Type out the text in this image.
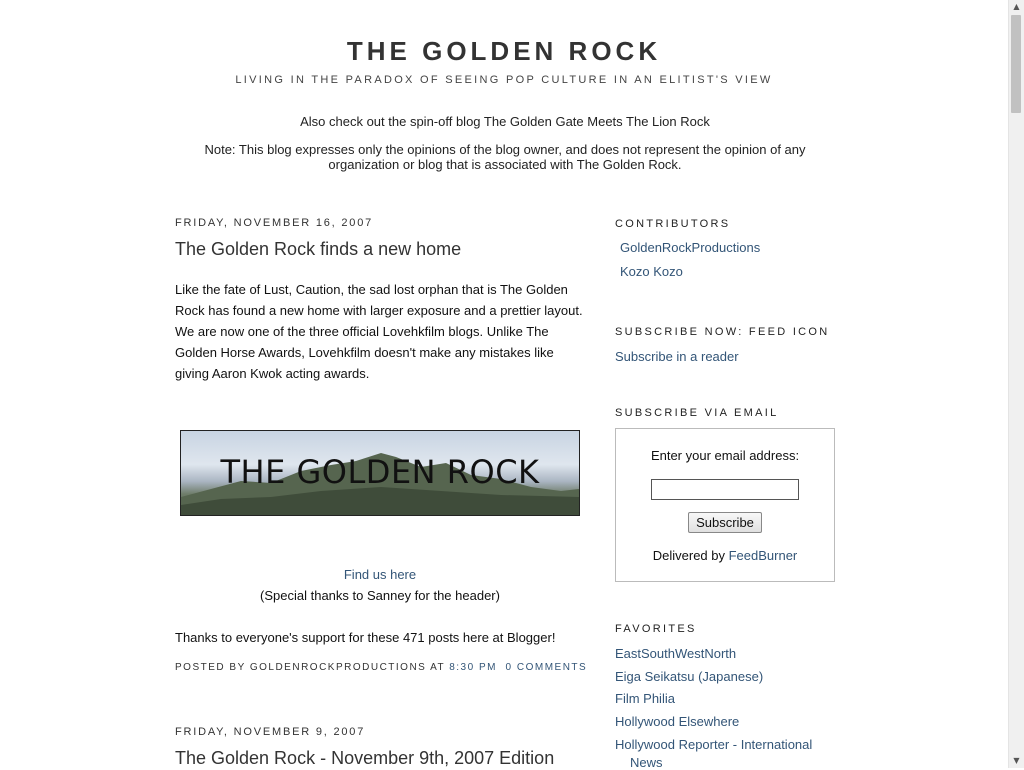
THE GOLDEN ROCK
LIVING IN THE PARADOX OF SEEING POP CULTURE IN AN ELITIST'S VIEW
Also check out the spin-off blog The Golden Gate Meets The Lion Rock
Note: This blog expresses only the opinions of the blog owner, and does not represent the opinion of any organization or blog that is associated with The Golden Rock.
FRIDAY, NOVEMBER 16, 2007
The Golden Rock finds a new home
Like the fate of Lust, Caution, the sad lost orphan that is The Golden Rock has found a new home with larger exposure and a prettier layout. We are now one of the three official Lovehkfilm blogs. Unlike The Golden Horse Awards, Lovehkfilm doesn't make any mistakes like giving Aaron Kwok acting awards.
THE GOLDEN ROCK
Find us here
(Special thanks to Sanney for the header)
Thanks to everyone's support for these 471 posts here at Blogger!
POSTED BY GOLDENROCKPRODUCTIONS AT 8:30 PM 0 COMMENTS
FRIDAY, NOVEMBER 9, 2007
The Golden Rock - November 9th, 2007 Edition
CONTRIBUTORS
GoldenRockProductions
Kozo Kozo
SUBSCRIBE NOW: FEED ICON
Subscribe in a reader
SUBSCRIBE VIA EMAIL
Enter your email address:
Subscribe
Delivered by FeedBurner
FAVORITES
EastSouthWestNorth
Eiga Seikatsu (Japanese)
Film Philia
Hollywood Elsewhere
Hollywood Reporter - International
News
▲
▼
